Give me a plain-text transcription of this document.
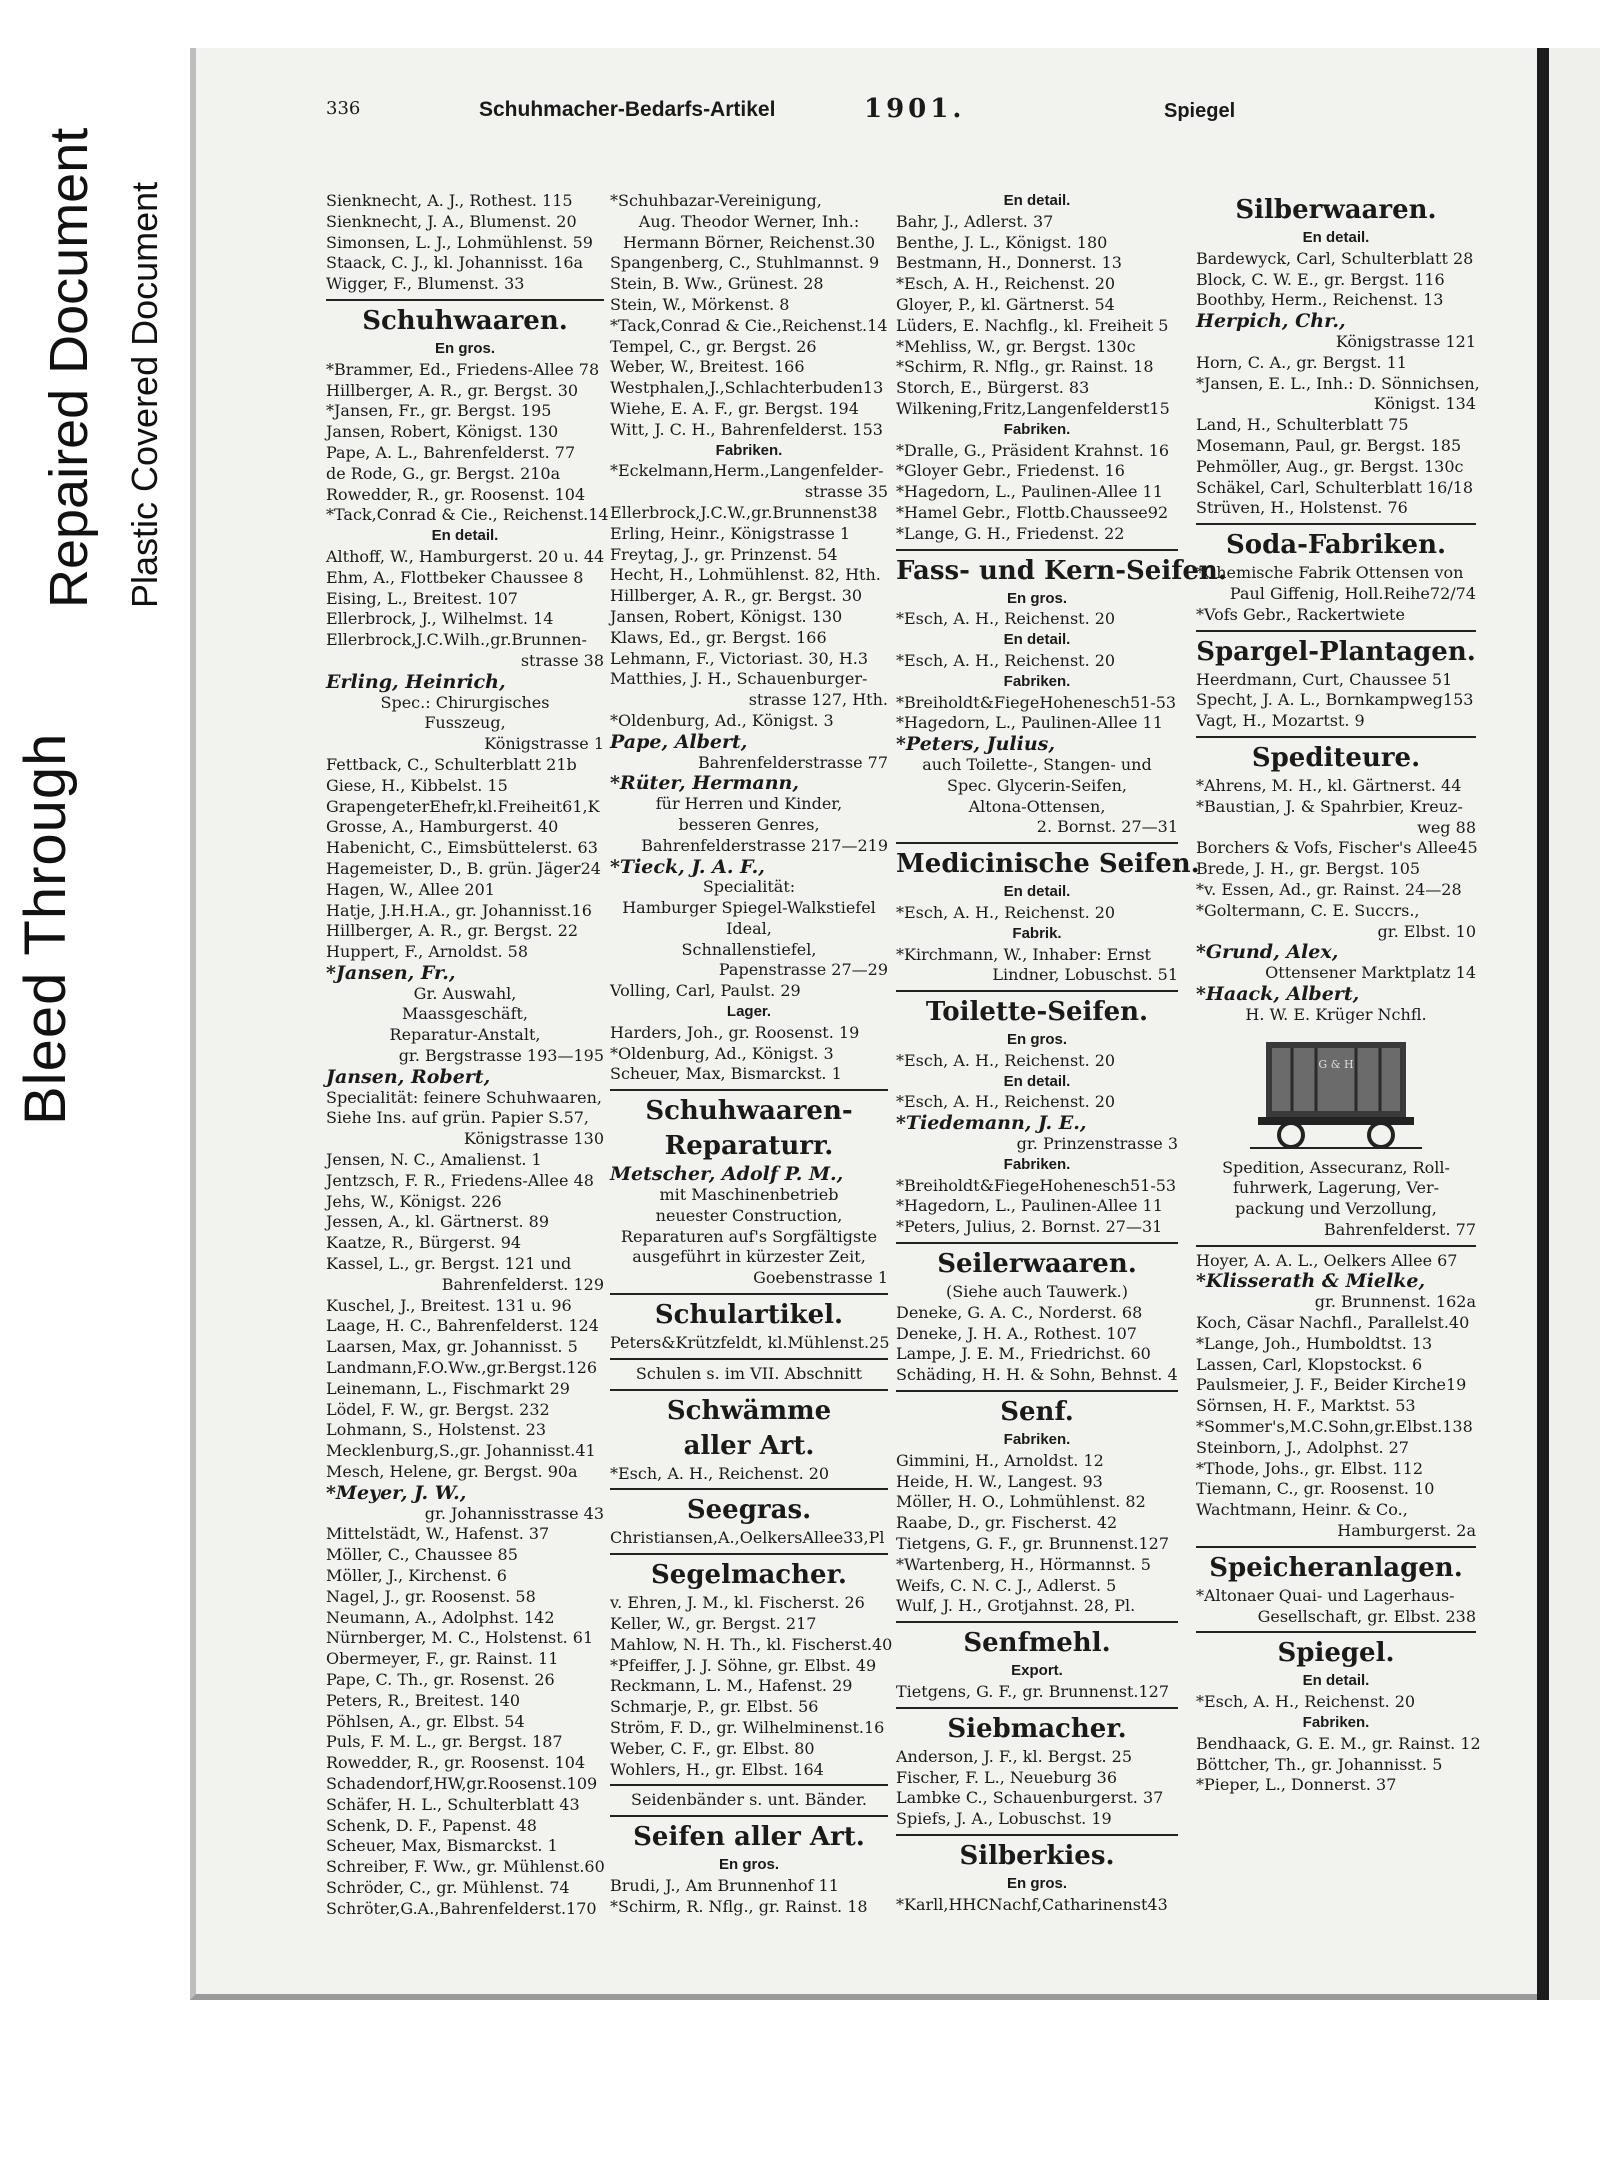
Bleed Through
Repaired Document Plastic Covered Document
336	Schuhmacher-Bedarfs-Artikel	1901.	Spiegel
Sienknecht, A. J., Rothest. 115
Sienknecht, J. A., Blumenst. 20
Simonsen, L. J., Lohmühlenst. 59
Staack, C. J., kl. Johannisst. 16a
Wigger, F., Blumenst. 33
Schuhwaaren.
En gros.
*Brammer, Ed., Friedens-Allee 78
Hillberger, A. R., gr. Bergst. 30
*Jansen, Fr., gr. Bergst. 195
Jansen, Robert, Königst. 130
Pape, A. L., Bahrenfelderst. 77
de Rode, G., gr. Bergst. 210a
Rowedder, R., gr. Roosenst. 104
*Tack,Conrad & Cie., Reichenst.14
En detail.
Althoff, W., Hamburgerst. 20 u. 44
Ehm, A., Flottbeker Chaussee 8
Eising, L., Breitest. 107
Ellerbrock, J., Wilhelmst. 14
Ellerbrock,J.C.Wilh.,gr.Brunnen-
strasse 38
Erling, Heinrich,
Spec.: Chirurgisches
Fusszeug,
Königstrasse 1
Fettback, C., Schulterblatt 21b
Giese, H., Kibbelst. 15
GrapengeterEhefr,kl.Freiheit61,K
Grosse, A., Hamburgerst. 40
Habenicht, C., Eimsbüttelerst. 63
Hagemeister, D., B. grün. Jäger24
Hagen, W., Allee 201
Hatje, J.H.H.A., gr. Johannisst.16
Hillberger, A. R., gr. Bergst. 22
Huppert, F., Arnoldst. 58
*Jansen, Fr.,
Gr. Auswahl,
Maassgeschäft,
Reparatur-Anstalt,
gr. Bergstrasse 193—195
Jansen, Robert,
Specialität: feinere Schuhwaaren,
Siehe Ins. auf grün. Papier S.57,
Königstrasse 130
Jensen, N. C., Amalienst. 1
Jentzsch, F. R., Friedens-Allee 48
Jehs, W., Königst. 226
Jessen, A., kl. Gärtnerst. 89
Kaatze, R., Bürgerst. 94
Kassel, L., gr. Bergst. 121 und
Bahrenfelderst. 129
Kuschel, J., Breitest. 131 u. 96
Laage, H. C., Bahrenfelderst. 124
Laarsen, Max, gr. Johannisst. 5
Landmann,F.O.Ww.,gr.Bergst.126
Leinemann, L., Fischmarkt 29
Lödel, F. W., gr. Bergst. 232
Lohmann, S., Holstenst. 23
Mecklenburg,S.,gr. Johannisst.41
Mesch, Helene, gr. Bergst. 90a
*Meyer, J. W.,
gr. Johannisstrasse 43
Mittelstädt, W., Hafenst. 37
Möller, C., Chaussee 85
Möller, J., Kirchenst. 6
Nagel, J., gr. Roosenst. 58
Neumann, A., Adolphst. 142
Nürnberger, M. C., Holstenst. 61
Obermeyer, F., gr. Rainst. 11
Pape, C. Th., gr. Rosenst. 26
Peters, R., Breitest. 140
Pöhlsen, A., gr. Elbst. 54
Puls, F. M. L., gr. Bergst. 187
Rowedder, R., gr. Roosenst. 104
Schadendorf,HW,gr.Roosenst.109
Schäfer, H. L., Schulterblatt 43
Schenk, D. F., Papenst. 48
Scheuer, Max, Bismarckst. 1
Schreiber, F. Ww., gr. Mühlenst.60
Schröder, C., gr. Mühlenst. 74
Schröter,G.A.,Bahrenfelderst.170
*Schuhbazar-Vereinigung,
Aug. Theodor Werner, Inh.:
Hermann Börner, Reichenst.30
Spangenberg, C., Stuhlmannst. 9
Stein, B. Ww., Grünest. 28
Stein, W., Mörkenst. 8
*Tack,Conrad & Cie.,Reichenst.14
Tempel, C., gr. Bergst. 26
Weber, W., Breitest. 166
Westphalen,J.,Schlachterbuden13
Wiehe, E. A. F., gr. Bergst. 194
Witt, J. C. H., Bahrenfelderst. 153
Fabriken.
*Eckelmann,Herm.,Langenfelder-
strasse 35
Ellerbrock,J.C.W.,gr.Brunnenst38
Erling, Heinr., Königstrasse 1
Freytag, J., gr. Prinzenst. 54
Hecht, H., Lohmühlenst. 82, Hth.
Hillberger, A. R., gr. Bergst. 30
Jansen, Robert, Königst. 130
Klaws, Ed., gr. Bergst. 166
Lehmann, F., Victoriast. 30, H.3
Matthies, J. H., Schauenburger-
strasse 127, Hth.
*Oldenburg, Ad., Königst. 3
Pape, Albert,
Bahrenfelderstrasse 77
*Rüter, Hermann,
für Herren und Kinder,
besseren Genres,
Bahrenfelderstrasse 217—219
*Tieck, J. A. F.,
Specialität:
Hamburger Spiegel-Walkstiefel
Ideal,
Schnallenstiefel,
Papenstrasse 27—29
Volling, Carl, Paulst. 29
Lager.
Harders, Joh., gr. Roosenst. 19
*Oldenburg, Ad., Königst. 3
Scheuer, Max, Bismarckst. 1
Schuhwaaren-
Reparaturr.
Metscher, Adolf P. M.,
mit Maschinenbetrieb
neuester Construction,
Reparaturen auf's Sorgfältigste
ausgeführt in kürzester Zeit,
Goebenstrasse 1
Schulartikel.
Peters&Krützfeldt, kl.Mühlenst.25
Schulen s. im VII. Abschnitt
Schwämme
aller Art.
*Esch, A. H., Reichenst. 20
Seegras.
Christiansen,A.,OelkersAllee33,Pl
Segelmacher.
v. Ehren, J. M., kl. Fischerst. 26
Keller, W., gr. Bergst. 217
Mahlow, N. H. Th., kl. Fischerst.40
*Pfeiffer, J. J. Söhne, gr. Elbst. 49
Reckmann, L. M., Hafenst. 29
Schmarje, P., gr. Elbst. 56
Ström, F. D., gr. Wilhelminenst.16
Weber, C. F., gr. Elbst. 80
Wohlers, H., gr. Elbst. 164
Seidenbänder s. unt. Bänder.
Seifen aller Art.
En gros.
Brudi, J., Am Brunnenhof 11
*Schirm, R. Nflg., gr. Rainst. 18
En detail.
Bahr, J., Adlerst. 37
Benthe, J. L., Königst. 180
Bestmann, H., Donnerst. 13
*Esch, A. H., Reichenst. 20
Gloyer, P., kl. Gärtnerst. 54
Lüders, E. Nachflg., kl. Freiheit 5
*Mehliss, W., gr. Bergst. 130c
*Schirm, R. Nflg., gr. Rainst. 18
Storch, E., Bürgerst. 83
Wilkening,Fritz,Langenfelderst15
Fabriken.
*Dralle, G., Präsident Krahnst. 16
*Gloyer Gebr., Friedenst. 16
*Hagedorn, L., Paulinen-Allee 11
*Hamel Gebr., Flottb.Chaussee92
*Lange, G. H., Friedenst. 22
Fass- und Kern-Seifen.
En gros.
*Esch, A. H., Reichenst. 20
En detail.
*Esch, A. H., Reichenst. 20
Fabriken.
*Breiholdt&FiegeHohenesch51-53
*Hagedorn, L., Paulinen-Allee 11
*Peters, Julius,
auch Toilette-, Stangen- und
Spec. Glycerin-Seifen,
Altona-Ottensen,
2. Bornst. 27—31
Medicinische Seifen.
En detail.
*Esch, A. H., Reichenst. 20
Fabrik.
*Kirchmann, W., Inhaber: Ernst
Lindner, Lobuschst. 51
Toilette-Seifen.
En gros.
*Esch, A. H., Reichenst. 20
En detail.
*Esch, A. H., Reichenst. 20
*Tiedemann, J. E.,
gr. Prinzenstrasse 3
Fabriken.
*Breiholdt&FiegeHohenesch51-53
*Hagedorn, L., Paulinen-Allee 11
*Peters, Julius, 2. Bornst. 27—31
Seilerwaaren.
(Siehe auch Tauwerk.)
Deneke, G. A. C., Norderst. 68
Deneke, J. H. A., Rothest. 107
Lampe, J. E. M., Friedrichst. 60
Schäding, H. H. & Sohn, Behnst. 4
Senf.
Fabriken.
Gimmini, H., Arnoldst. 12
Heide, H. W., Langest. 93
Möller, H. O., Lohmühlenst. 82
Raabe, D., gr. Fischerst. 42
Tietgens, G. F., gr. Brunnenst.127
*Wartenberg, H., Hörmannst. 5
Weifs, C. N. C. J., Adlerst. 5
Wulf, J. H., Grotjahnst. 28, Pl.
Senfmehl.
Export.
Tietgens, G. F., gr. Brunnenst.127
Siebmacher.
Anderson, J. F., kl. Bergst. 25
Fischer, F. L., Neueburg 36
Lambke C., Schauenburgerst. 37
Spiefs, J. A., Lobuschst. 19
Silberkies.
En gros.
*Karll,HHCNachf,Catharinenst43
Silberwaaren.
En detail.
Bardewyck, Carl, Schulterblatt 28
Block, C. W. E., gr. Bergst. 116
Boothby, Herm., Reichenst. 13
Herpich, Chr.,
Königstrasse 121
Horn, C. A., gr. Bergst. 11
*Jansen, E. L., Inh.: D. Sönnichsen,
Königst. 134
Land, H., Schulterblatt 75
Mosemann, Paul, gr. Bergst. 185
Pehmöller, Aug., gr. Bergst. 130c
Schäkel, Carl, Schulterblatt 16/18
Strüven, H., Holstenst. 76
Soda-Fabriken.
*Chemische Fabrik Ottensen von
Paul Giffenig, Holl.Reihe72/74
*Vofs Gebr., Rackertwiete
Spargel-Plantagen.
Heerdmann, Curt, Chaussee 51
Specht, J. A. L., Bornkampweg153
Vagt, H., Mozartst. 9
Spediteure.
*Ahrens, M. H., kl. Gärtnerst. 44
*Baustian, J. & Spahrbier, Kreuz-
weg 88
Borchers & Vofs, Fischer's Allee45
Brede, J. H., gr. Bergst. 105
*v. Essen, Ad., gr. Rainst. 24—28
*Goltermann, C. E. Succrs.,
gr. Elbst. 10
*Grund, Alex,
Ottensener Marktplatz 14
*Haack, Albert,
H. W. E. Krüger Nchfl.
G & H
Spedition, Assecuranz, Roll-
fuhrwerk, Lagerung, Ver-
packung und Verzollung,
Bahrenfelderst. 77
Hoyer, A. A. L., Oelkers Allee 67
*Klisserath & Mielke,
gr. Brunnenst. 162a
Koch, Cäsar Nachfl., Parallelst.40
*Lange, Joh., Humboldtst. 13
Lassen, Carl, Klopstockst. 6
Paulsmeier, J. F., Beider Kirche19
Sörnsen, H. F., Marktst. 53
*Sommer's,M.C.Sohn,gr.Elbst.138
Steinborn, J., Adolphst. 27
*Thode, Johs., gr. Elbst. 112
Tiemann, C., gr. Roosenst. 10
Wachtmann, Heinr. & Co.,
Hamburgerst. 2a
Speicheranlagen.
*Altonaer Quai- und Lagerhaus-
Gesellschaft, gr. Elbst. 238
Spiegel.
En detail.
*Esch, A. H., Reichenst. 20
Fabriken.
Bendhaack, G. E. M., gr. Rainst. 12
Böttcher, Th., gr. Johannisst. 5
*Pieper, L., Donnerst. 37
